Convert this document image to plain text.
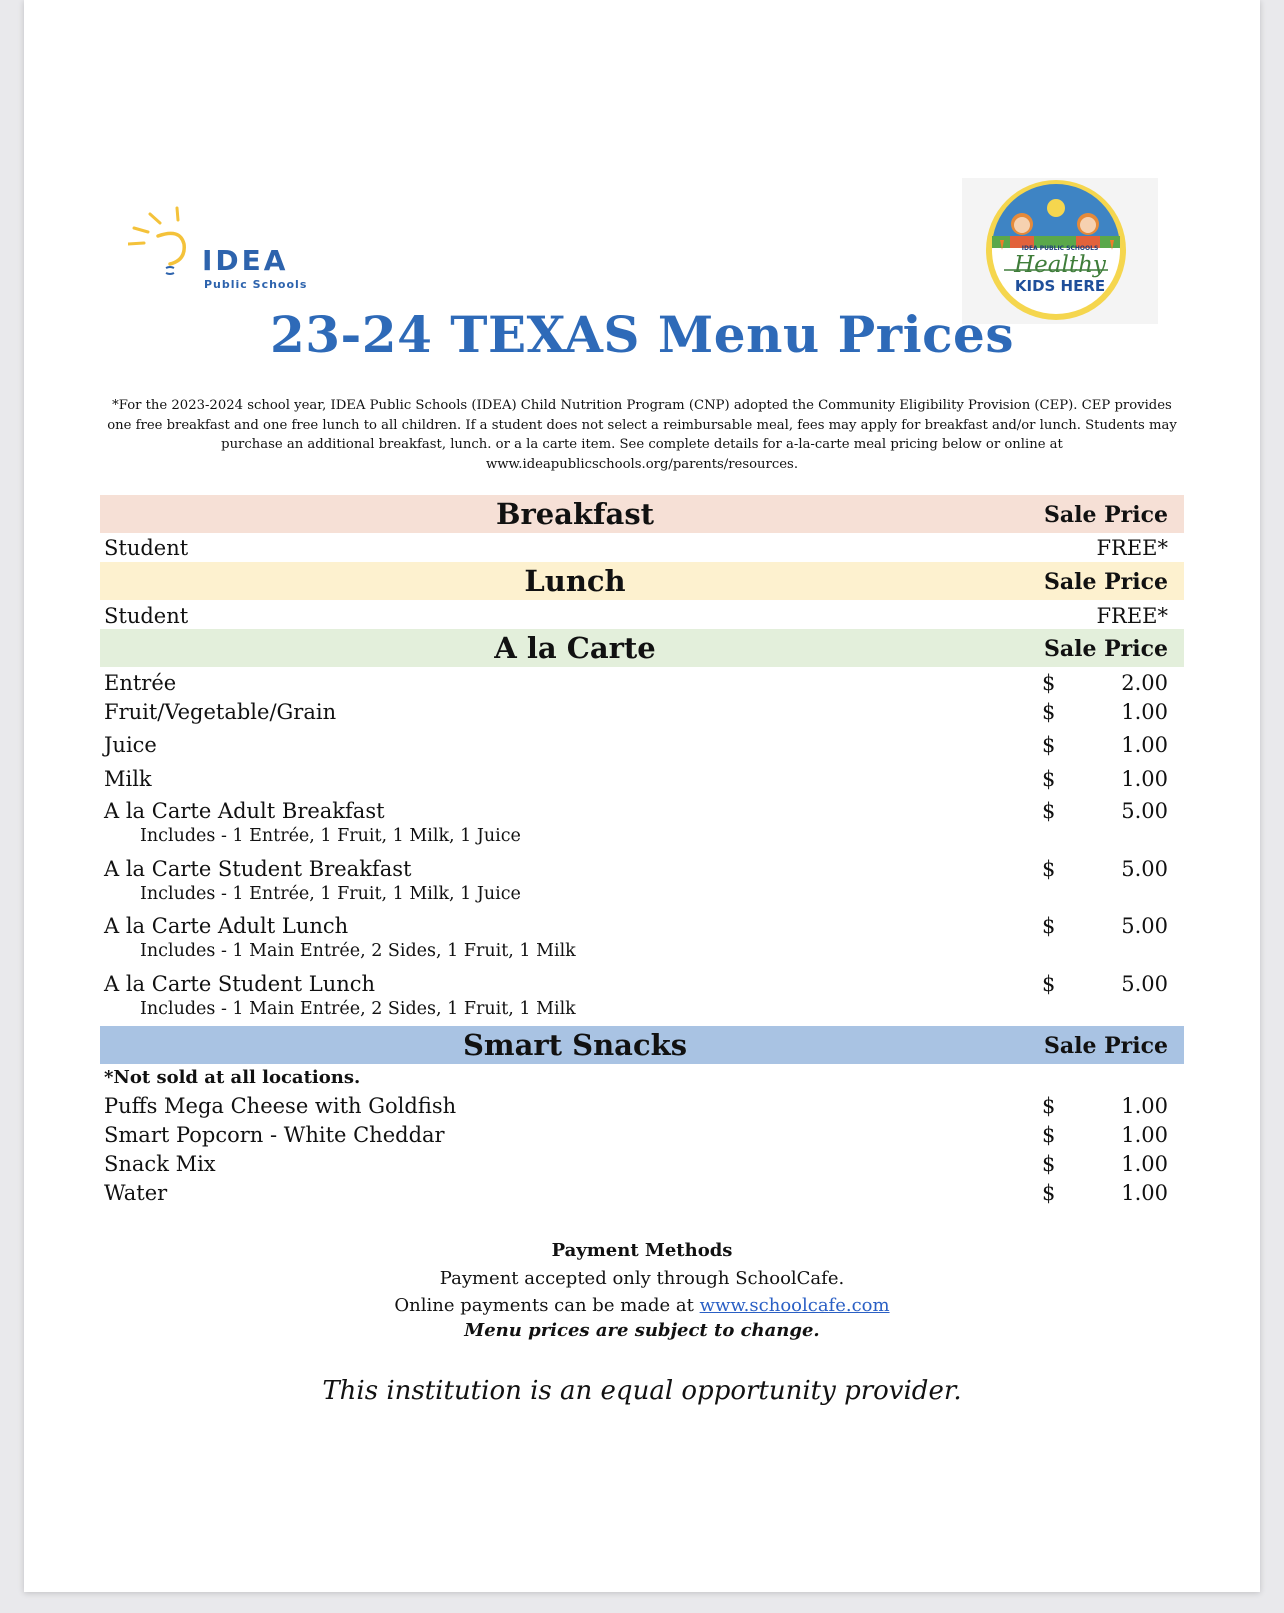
IDEA
Public Schools
IDEA PUBLIC SCHOOLS
Healthy
KIDS HERE
23-24 TEXAS Menu Prices

*For the 2023-2024 school year, IDEA Public Schools (IDEA) Child Nutrition Program (CNP) adopted the Community Eligibility Provision (CEP). CEP provides one free breakfast and one free lunch to all children. If a student does not select a reimbursable meal, fees may apply for breakfast and/or lunch. Students may purchase an additional breakfast, lunch. or a la carte item. See complete details for a-la-carte meal pricing below or online at www.ideapublicschools.org/parents/resources.

Breakfast	Sale Price
Student	FREE*
Lunch	Sale Price
Student	FREE*
A la Carte	Sale Price
Entrée	$	2.00
Fruit/Vegetable/Grain	$	1.00
Juice	$	1.00
Milk	$	1.00
A la Carte Adult Breakfast	$	5.00
Includes - 1 Entrée, 1 Fruit, 1 Milk, 1 Juice
A la Carte Student Breakfast	$	5.00
Includes - 1 Entrée, 1 Fruit, 1 Milk, 1 Juice
A la Carte Adult Lunch	$	5.00
Includes - 1 Main Entrée, 2 Sides, 1 Fruit, 1 Milk
A la Carte Student Lunch	$	5.00
Includes - 1 Main Entrée, 2 Sides, 1 Fruit, 1 Milk
Smart Snacks	Sale Price
*Not sold at all locations.
Puffs Mega Cheese with Goldfish	$	1.00
Smart Popcorn - White Cheddar	$	1.00
Snack Mix	$	1.00
Water	$	1.00
Payment Methods
Payment accepted only through SchoolCafe.
Online payments can be made at www.schoolcafe.com
Menu prices are subject to change.
This institution is an equal opportunity provider.
